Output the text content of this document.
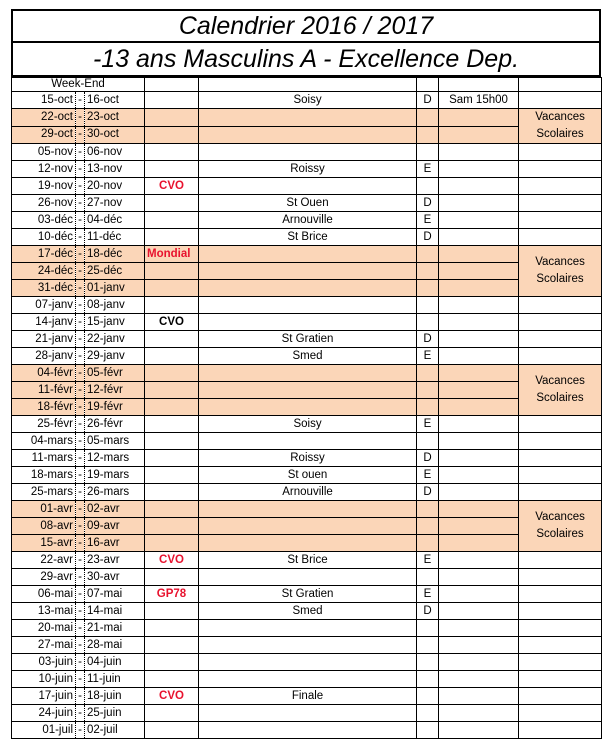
Calendrier 2016 / 2017
-13 ans Masculins A - Excellence Dep.
Week-End							
15-oct	-	16-oct		Soisy	D	Sam 15h00	
22-oct	-	23-oct					Vacances
Scolaires

29-oct	-	30-oct					
05-nov	-	06-nov					
12-nov	-	13-nov		Roissy	E		
19-nov	-	20-nov	CVO				
26-nov	-	27-nov		St Ouen	D		
03-déc	-	04-déc		Arnouville	E		
10-déc	-	11-déc		St Brice	D		
17-déc	-	18-déc	Mondial				Vacances
Scolaires

24-déc	-	25-déc					
31-déc	-	01-janv					
07-janv	-	08-janv					
14-janv	-	15-janv	CVO				
21-janv	-	22-janv		St Gratien	D		
28-janv	-	29-janv		Smed	E		
04-févr	-	05-févr					Vacances
Scolaires

11-févr	-	12-févr					
18-févr	-	19-févr					
25-févr	-	26-févr		Soisy	E		
04-mars	-	05-mars					
11-mars	-	12-mars		Roissy	D		
18-mars	-	19-mars		St ouen	E		
25-mars	-	26-mars		Arnouville	D		
01-avr	-	02-avr					Vacances
Scolaires

08-avr	-	09-avr					
15-avr	-	16-avr					
22-avr	-	23-avr	CVO	St Brice	E		
29-avr	-	30-avr					
06-mai	-	07-mai	GP78	St Gratien	E		
13-mai	-	14-mai		Smed	D		
20-mai	-	21-mai					
27-mai	-	28-mai					
03-juin	-	04-juin					
10-juin	-	11-juin					
17-juin	-	18-juin	CVO	Finale			
24-juin	-	25-juin					
01-juil	-	02-juil					
